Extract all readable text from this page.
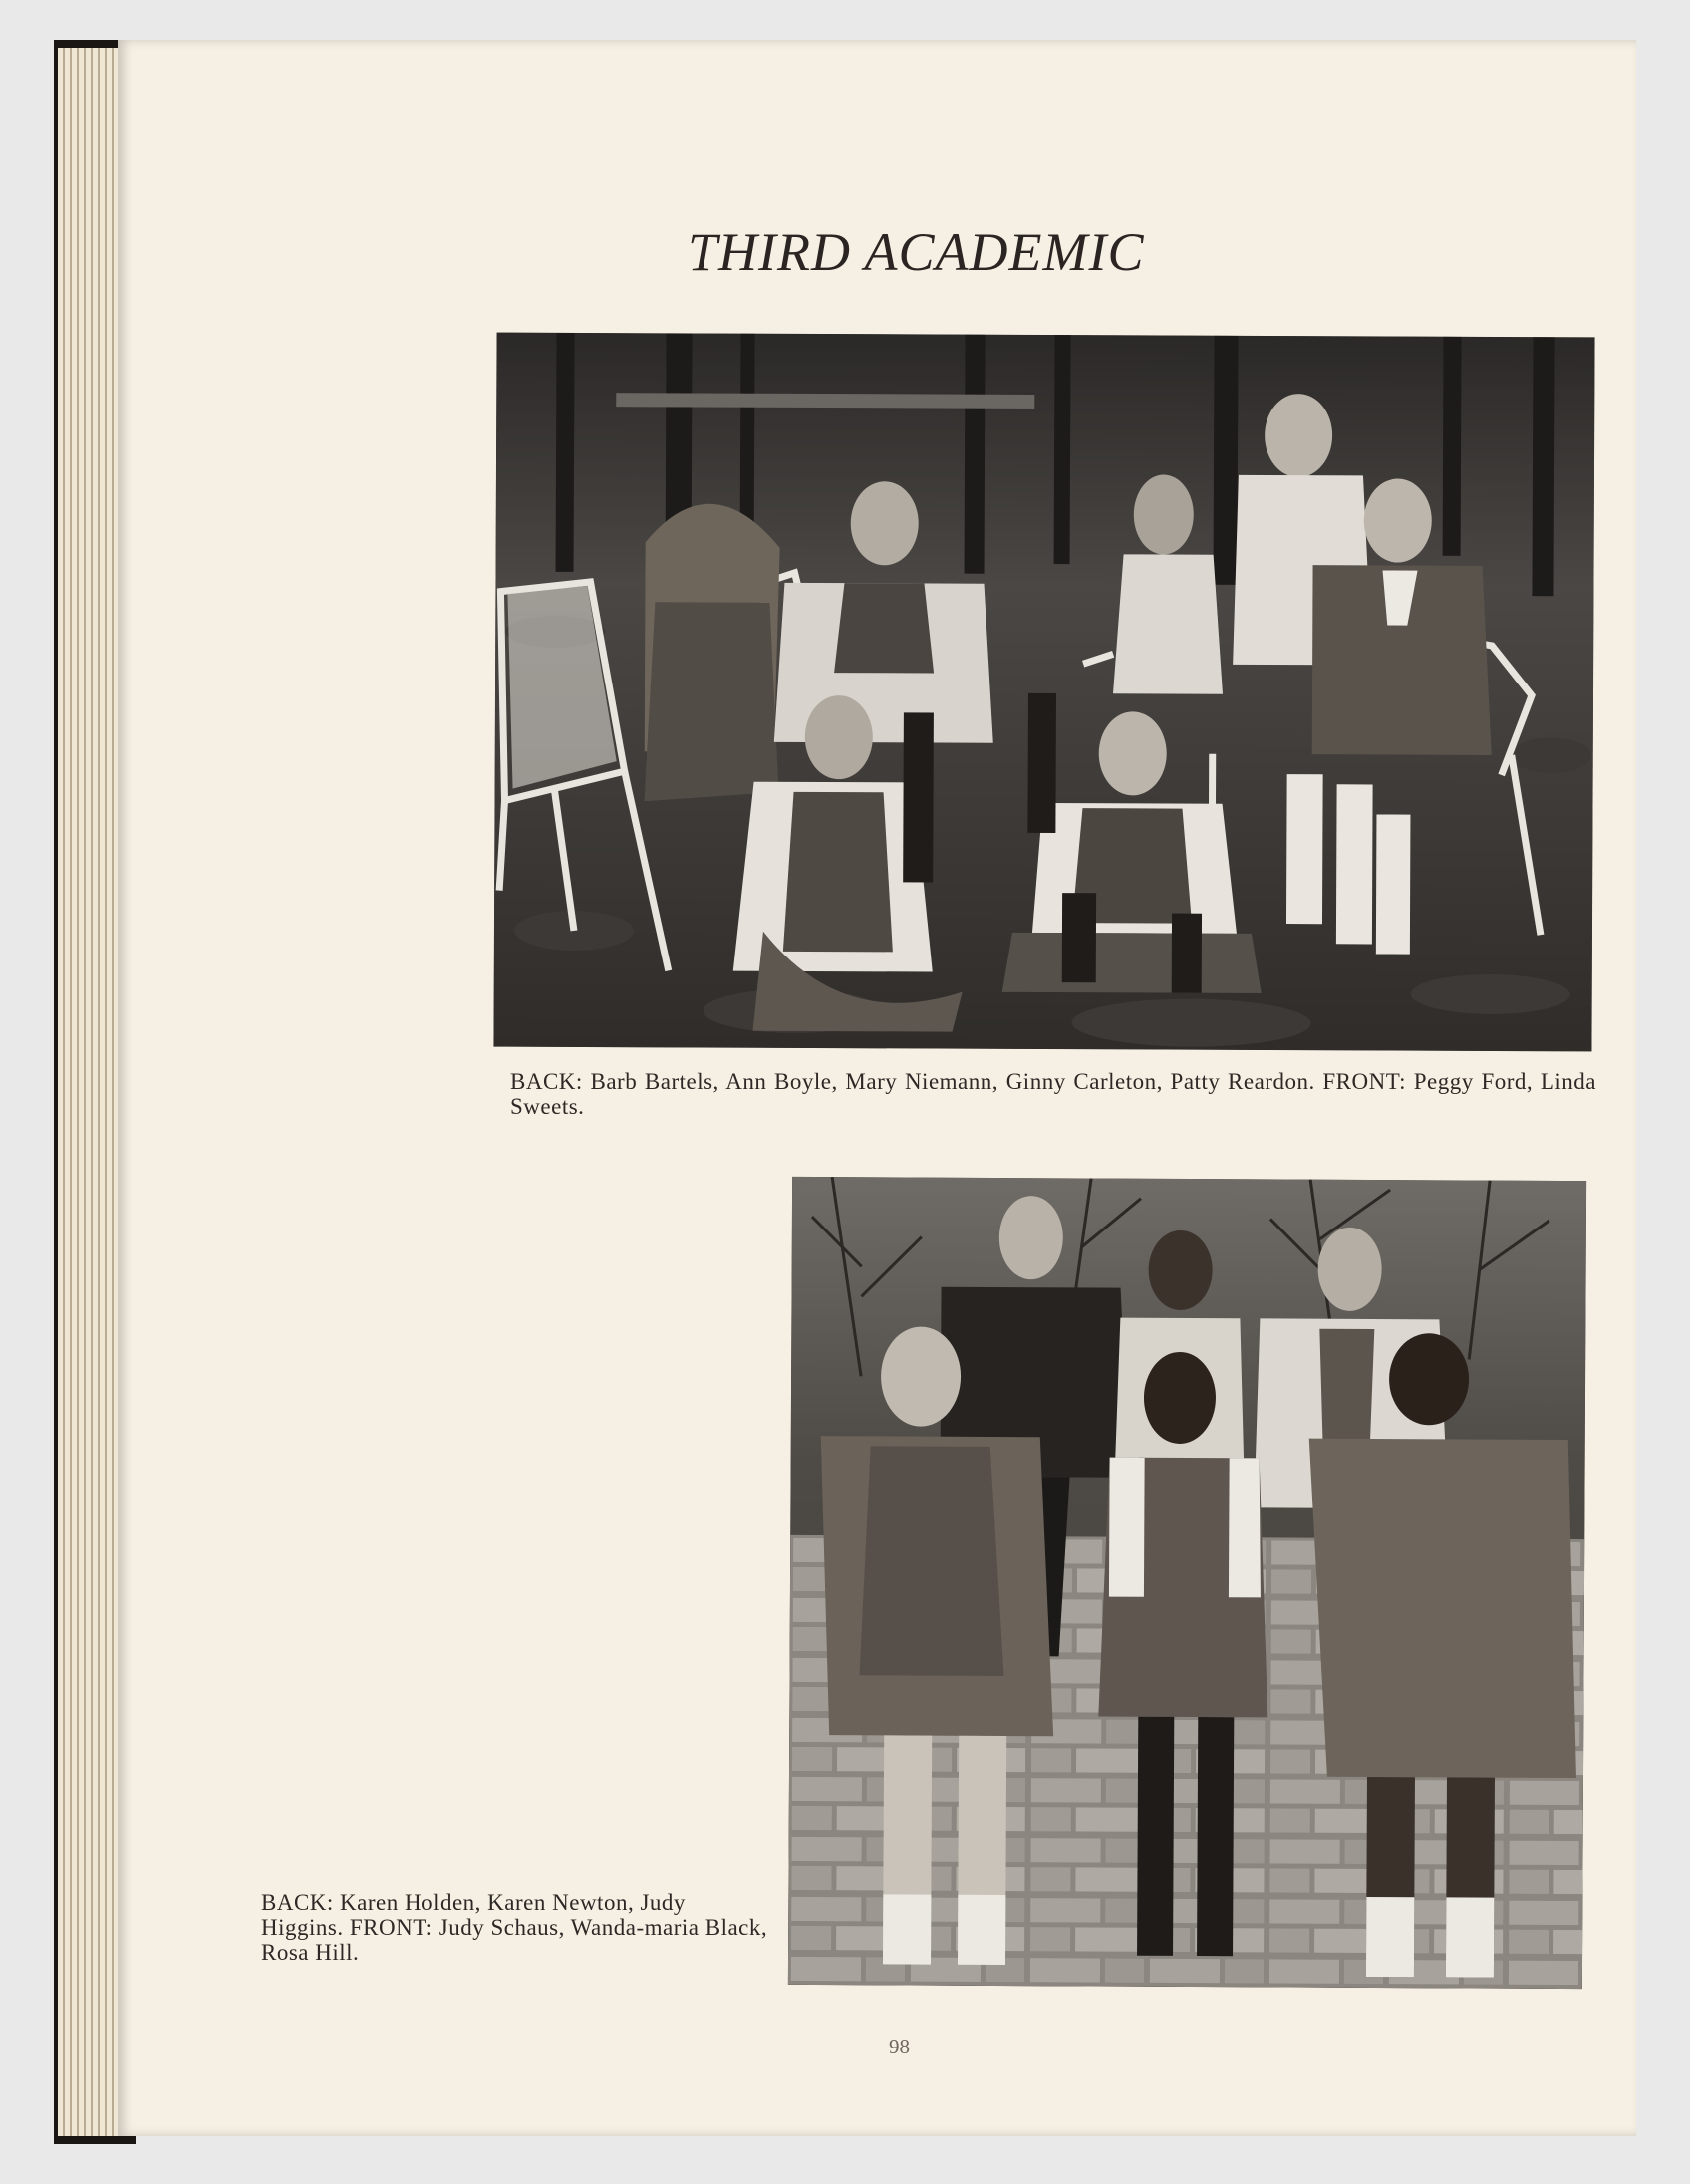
THIRD ACADEMIC

BACK: Barb Bartels, Ann Boyle, Mary Niemann, Ginny Carleton, Patty Reardon. FRONT: Peggy Ford, Linda Sweets.

BACK: Karen Holden, Karen Newton, Judy Higgins. FRONT: Judy Schaus, Wanda-maria Black, Rosa Hill.

98
